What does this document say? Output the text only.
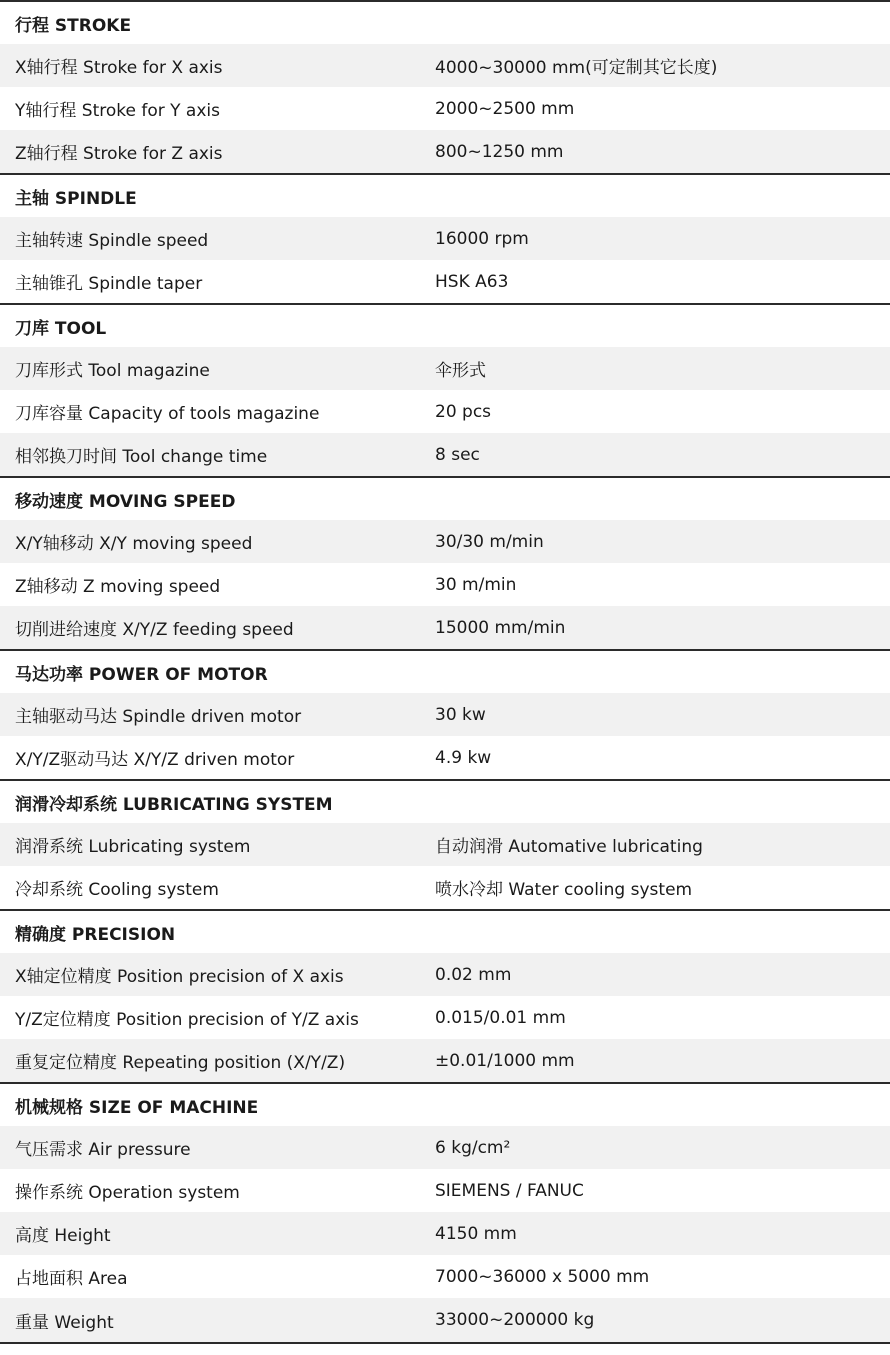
行程 STROKE
X轴行程 Stroke for X axis	4000~30000 mm(可定制其它长度)
Y轴行程 Stroke for Y axis	2000~2500 mm
Z轴行程 Stroke for Z axis	800~1250 mm
主轴 SPINDLE
主轴转速 Spindle speed	16000 rpm
主轴锥孔 Spindle taper	HSK A63
刀库 TOOL
刀库形式 Tool magazine	伞形式
刀库容量 Capacity of tools magazine	20 pcs
相邻换刀时间 Tool change time	8 sec
移动速度 MOVING SPEED
X/Y轴移动 X/Y moving speed	30/30 m/min
Z轴移动 Z moving speed	30 m/min
切削进给速度 X/Y/Z feeding speed	15000 mm/min
马达功率 POWER OF MOTOR
主轴驱动马达 Spindle driven motor	30 kw
X/Y/Z驱动马达 X/Y/Z driven motor	4.9 kw
润滑冷却系统 LUBRICATING SYSTEM
润滑系统 Lubricating system	自动润滑 Automative lubricating
冷却系统 Cooling system	喷水冷却 Water cooling system
精确度 PRECISION
X轴定位精度 Position precision of X axis	0.02 mm
Y/Z定位精度 Position precision of Y/Z axis	0.015/0.01 mm
重复定位精度 Repeating position (X/Y/Z)	±0.01/1000 mm
机械规格 SIZE OF MACHINE
气压需求 Air pressure	6 kg/cm²
操作系统 Operation system	SIEMENS / FANUC
高度 Height	4150 mm
占地面积 Area	7000~36000 x 5000 mm
重量 Weight	33000~200000 kg
